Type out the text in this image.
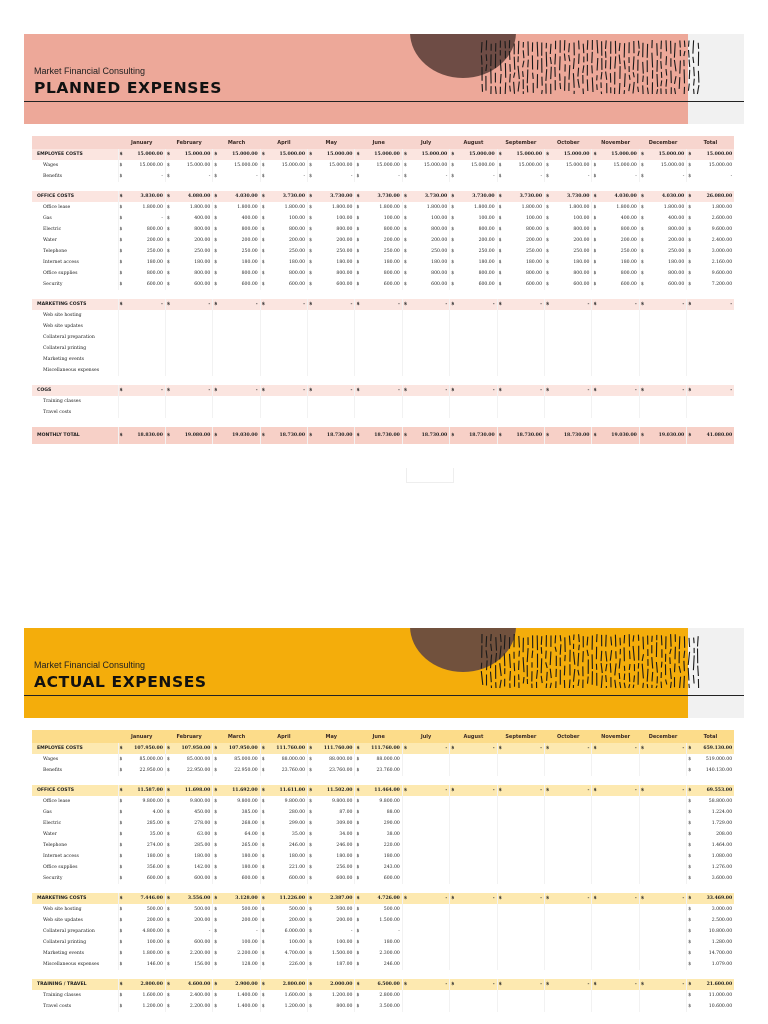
Market Financial Consulting
PLANNED EXPENSES
	January		February		March		April		May		June		July		August		September		October		November		December		Total	
EMPLOYEE COSTS	$	15.000.00	$	15.000.00	$	15.000.00	$	15.000.00	$	15.000.00	$	15.000.00	$	15.000.00	$	15.000.00	$	15.000.00	$	15.000.00	$	15.000.00	$	15.000.00	$	15.000.00
Wages	$	15.000.00	$	15.000.00	$	15.000.00	$	15.000.00	$	15.000.00	$	15.000.00	$	15.000.00	$	15.000.00	$	15.000.00	$	15.000.00	$	15.000.00	$	15.000.00	$	15.000.00
Benefits	$	-	$	-	$	-	$	-	$	-	$	-	$	-	$	-	$	-	$	-	$	-	$	-	$	-

OFFICE COSTS	$	3.830.00	$	4.080.00	$	4.030.00	$	3.730.00	$	3.730.00	$	3.730.00	$	3.730.00	$	3.730.00	$	3.730.00	$	3.730.00	$	4.030.00	$	4.030.00	$	26.080.00
Office lease	$	1.800.00	$	1.800.00	$	1.800.00	$	1.800.00	$	1.800.00	$	1.800.00	$	1.800.00	$	1.800.00	$	1.800.00	$	1.800.00	$	1.800.00	$	1.800.00	$	1.800.00
Gas	$	-	$	400.00	$	400.00	$	100.00	$	100.00	$	100.00	$	100.00	$	100.00	$	100.00	$	100.00	$	400.00	$	400.00	$	2.600.00
Electric	$	800.00	$	800.00	$	800.00	$	800.00	$	800.00	$	800.00	$	800.00	$	800.00	$	800.00	$	800.00	$	800.00	$	800.00	$	9.600.00
Water	$	200.00	$	200.00	$	200.00	$	200.00	$	200.00	$	200.00	$	200.00	$	200.00	$	200.00	$	200.00	$	200.00	$	200.00	$	2.400.00
Telephone	$	250.00	$	250.00	$	250.00	$	250.00	$	250.00	$	250.00	$	250.00	$	250.00	$	250.00	$	250.00	$	250.00	$	250.00	$	3.000.00
Internet access	$	180.00	$	180.00	$	180.00	$	180.00	$	180.00	$	180.00	$	180.00	$	180.00	$	180.00	$	180.00	$	180.00	$	180.00	$	2.160.00
Office supplies	$	800.00	$	800.00	$	800.00	$	800.00	$	800.00	$	800.00	$	800.00	$	800.00	$	800.00	$	800.00	$	800.00	$	800.00	$	9.600.00
Security	$	600.00	$	600.00	$	600.00	$	600.00	$	600.00	$	600.00	$	600.00	$	600.00	$	600.00	$	600.00	$	600.00	$	600.00	$	7.200.00

MARKETING COSTS	$	-	$	-	$	-	$	-	$	-	$	-	$	-	$	-	$	-	$	-	$	-	$	-	$	-
Web site hosting																										
Web site updates																										
Collateral preparation																										
Collateral printing																										
Marketing events																										
Miscellaneous expenses																										

COGS	$	-	$	-	$	-	$	-	$	-	$	-	$	-	$	-	$	-	$	-	$	-	$	-	$	-
Training classes																										
Travel costs																										

MONTHLY TOTAL	$	18.830.00	$	19.080.00	$	19.030.00	$	18.730.00	$	18.730.00	$	18.730.00	$	18.730.00	$	18.730.00	$	18.730.00	$	18.730.00	$	19.030.00	$	19.030.00	$	41.080.00
Market Financial Consulting
ACTUAL EXPENSES
	January		February		March		April		May		June		July		August		September		October		November		December		Total	
EMPLOYEE COSTS	$	107.950.00	$	107.950.00	$	107.950.00	$	111.760.00	$	111.760.00	$	111.760.00	$	-	$	-	$	-	$	-	$	-	$	-	$	659.130.00
Wages	$	85.000.00	$	85.000.00	$	85.000.00	$	88.000.00	$	88.000.00	$	88.000.00													$	519.000.00
Benefits	$	22.950.00	$	22.950.00	$	22.950.00	$	23.760.00	$	23.760.00	$	23.760.00													$	140.130.00

OFFICE COSTS	$	11.587.00	$	11.698.00	$	11.692.00	$	11.611.00	$	11.502.00	$	11.464.00	$	-	$	-	$	-	$	-	$	-	$	-	$	69.553.00
Office lease	$	9.800.00	$	9.800.00	$	9.800.00	$	9.800.00	$	9.800.00	$	9.800.00													$	58.800.00
Gas	$	4.00	$	450.00	$	385.00	$	280.00	$	87.00	$	88.00													$	1.224.00
Electric	$	285.00	$	278.00	$	268.00	$	299.00	$	309.00	$	290.00													$	1.729.00
Water	$	35.00	$	63.00	$	64.00	$	35.00	$	34.00	$	38.00													$	208.00
Telephone	$	274.00	$	285.00	$	265.00	$	246.00	$	246.00	$	220.00													$	1.464.00
Internet access	$	180.00	$	180.00	$	180.00	$	180.00	$	180.00	$	180.00													$	1.080.00
Office supplies	$	356.00	$	142.00	$	180.00	$	221.00	$	256.00	$	243.00													$	1.276.00
Security	$	600.00	$	600.00	$	600.00	$	600.00	$	600.00	$	600.00													$	3.600.00

MARKETING COSTS	$	7.446.00	$	3.556.00	$	3.128.00	$	11.226.00	$	2.387.00	$	4.726.00	$	-	$	-	$	-	$	-	$	-	$	-	$	33.469.00
Web site hosting	$	500.00	$	500.00	$	500.00	$	500.00	$	500.00	$	500.00													$	3.000.00
Web site updates	$	200.00	$	200.00	$	200.00	$	200.00	$	200.00	$	1.500.00													$	2.500.00
Collateral preparation	$	4.800.00	$	-	$	-	$	6.000.00	$	-	$	-													$	10.800.00
Collateral printing	$	100.00	$	600.00	$	100.00	$	100.00	$	100.00	$	180.00													$	1.280.00
Marketing events	$	1.800.00	$	2.200.00	$	2.200.00	$	4.700.00	$	1.500.00	$	2.300.00													$	14.700.00
Miscellaneous expenses	$	146.00	$	156.00	$	128.00	$	226.00	$	187.00	$	246.00													$	1.079.00

TRAINING / TRAVEL	$	2.800.00	$	4.600.00	$	2.900.00	$	2.800.00	$	2.000.00	$	6.500.00	$	-	$	-	$	-	$	-	$	-	$	-	$	21.600.00
Training classes	$	1.600.00	$	2.400.00	$	1.400.00	$	1.600.00	$	1.200.00	$	2.800.00													$	11.000.00
Travel costs	$	1.200.00	$	2.200.00	$	1.400.00	$	1.200.00	$	800.00	$	3.500.00													$	10.600.00
